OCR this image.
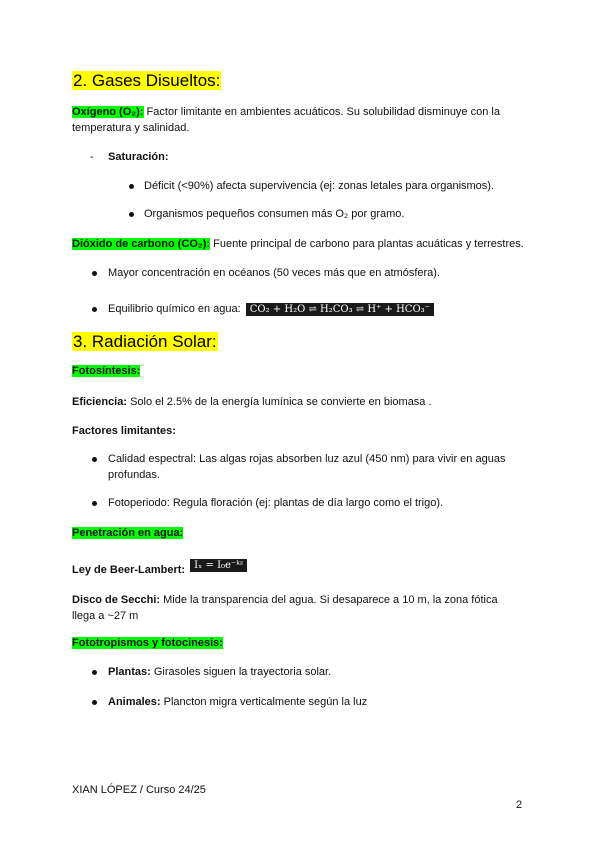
2. Gases Disueltos:
Oxígeno (O₂): Factor limitante en ambientes acuáticos. Su solubilidad disminuye con la
temperatura y salinidad.
- Saturación:
Déficit (<90%) afecta supervivencia (ej: zonas letales para organismos).
Organismos pequeños consumen más O₂ por gramo.
Dióxido de carbono (CO₂): Fuente principal de carbono para plantas acuáticas y terrestres.
Mayor concentración en océanos (50 veces más que en atmósfera).
Equilibrio químico en agua: CO₂ + H₂O ⇌ H₂CO₃ ⇌ H⁺ + HCO₃⁻
3. Radiación Solar:
Fotosíntesis:
Eficiencia: Solo el 2.5% de la energía lumínica se convierte en biomasa .
Factores limitantes:
Calidad espectral: Las algas rojas absorben luz azul (450 nm) para vivir en aguas
profundas.
Fotoperiodo: Regula floración (ej: plantas de día largo como el trigo).
Penetración en agua:
Ley de Beer-Lambert: Iₓ = I₀e⁻ᵏᶻ
Disco de Secchi: Mide la transparencia del agua. Si desaparece a 10 m, la zona fótica
llega a ~27 m
Fototropismos y fotocinesis:
Plantas: Girasoles siguen la trayectoria solar.
Animales: Plancton migra verticalmente según la luz
XIAN LÓPEZ / Curso 24/25
2
